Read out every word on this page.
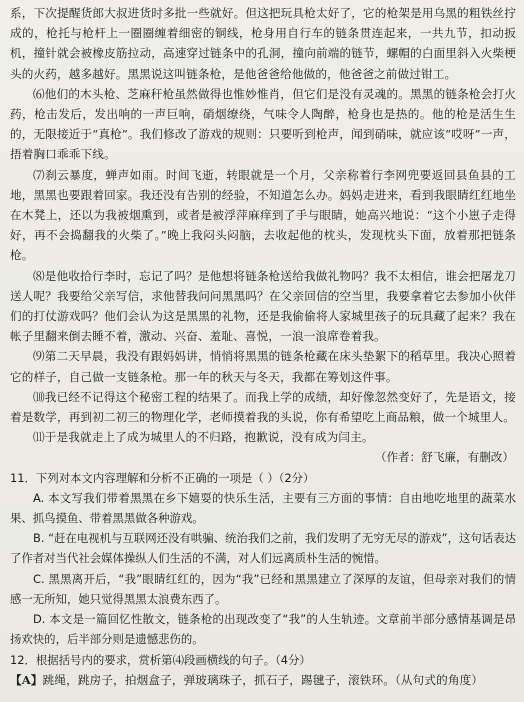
系，下次提醒货郎大叔进货时多批一些就好。但这把玩具枪太好了，它的枪架是用乌黑的粗铁丝拧成的，枪托与枪杆上一圈圈缠着细密的铜线，枪身用自行车的链条贯连起来，一共九节，扣动扳机，撞针就会被橡皮筋拉动，高速穿过链条中的孔洞，撞向前端的链节，螺帽的白面里斜入火柴梗头的火药，越多越好。黑黑说这叫链条枪，是他爸爸给他做的，他爸爸之前做过钳工。

⑹他们的木头枪、芝麻秆枪虽然做得也惟妙惟肖，但它们是没有灵魂的。黑黑的链条枪会打火药，枪击发后，发出响的一声巨响，硝烟缭绕，气味令人陶醉，枪身也是热的。他的枪是活生生的，无限接近于“真枪”。我们修改了游戏的规则：只要听到枪声，闻到硝味，就应该“哎呀”一声，捂着胸口乖乖下线。

⑺刹云暴度，蝉声如雨。时间飞逝，转眼就是一个月，父亲称着行李网兜要返回县鱼县的工地，黑黑也要跟着回家。我还没有告别的经验，不知道怎么办。妈妈走进来，看到我眼睛红红地坐在木凳上，还以为我被烟熏到，或者是被浮萍麻痒到了手与眼睛，她高兴地说：“这个小崽子走得好，再不会捣翻我的火柴了。”晚上我闷头闷脑，去收起他的枕头，发现枕头下面，放着那把链条枪。

⑻是他收拾行李时，忘记了吗？是他想将链条枪送给我做礼物吗？我不太相信，谁会把屠龙刀送人呢？我要给父亲写信，求他替我问问黑黑吗？在父亲回信的空当里，我要拿着它去参加小伙伴们的打仗游戏吗？他们会认为这是黑黑的礼物，还是我偷偷将人家城里孩子的玩具藏了起来？我在帐子里翻来倒去睡不着，激动、兴奋、羞耻、喜悦，一浪一浪席卷着我。

⑼第二天早晨，我没有跟妈妈讲，悄悄将黑黑的链条枪藏在床头垫絮下的稻草里。我决心照着它的样子，自己做一支链条枪。那一年的秋天与冬天，我都在筹划这件事。

⑽我已经不记得这个秘密工程的结果了。而我上学的成绩，却好像忽然变好了，先是语文，接着是数学，再到初二初三的物理化学，老师摸着我的头说，你有希望吃上商品粮，做一个城里人。

⑾于是我就走上了成为城里人的不归路，抱歉说，没有成为闫主。

（作者：舒飞廉，有删改）

11．下列对本文内容理解和分析不正确的一项是（ ）（2分）

A. 本文写我们带着黑黑在乡下嬉耍的快乐生活，主要有三方面的事情：自由地吃地里的蔬菜水果、抓鸟摸鱼、带着黑黑做各种游戏。

B. “赶在电视机与互联网还没有哄骗、统治我们之前，我们发明了无穷无尽的游戏”，这句话表达了作者对当代社会媒体操纵人们生活的不满，对人们远离质朴生活的惋惜。

C. 黑黑离开后，“我”眼睛红红的，因为“我”已经和黑黑建立了深厚的友谊，但母亲对我们的情感一无所知，她只觉得黑黑太浪费东西了。

D. 本文是一篇回忆性散文，链条枪的出现改变了“我”的人生轨迹。文章前半部分感情基调是昂扬欢快的，后半部分则是遗憾悲伤的。

12．根据括号内的要求，赏析第⑷段画横线的句子。（4分）

【A】跳绳，跳房子，拍烟盒子，弹玻璃珠子，抓石子，踢毽子，滚铁环。（从句式的角度）
